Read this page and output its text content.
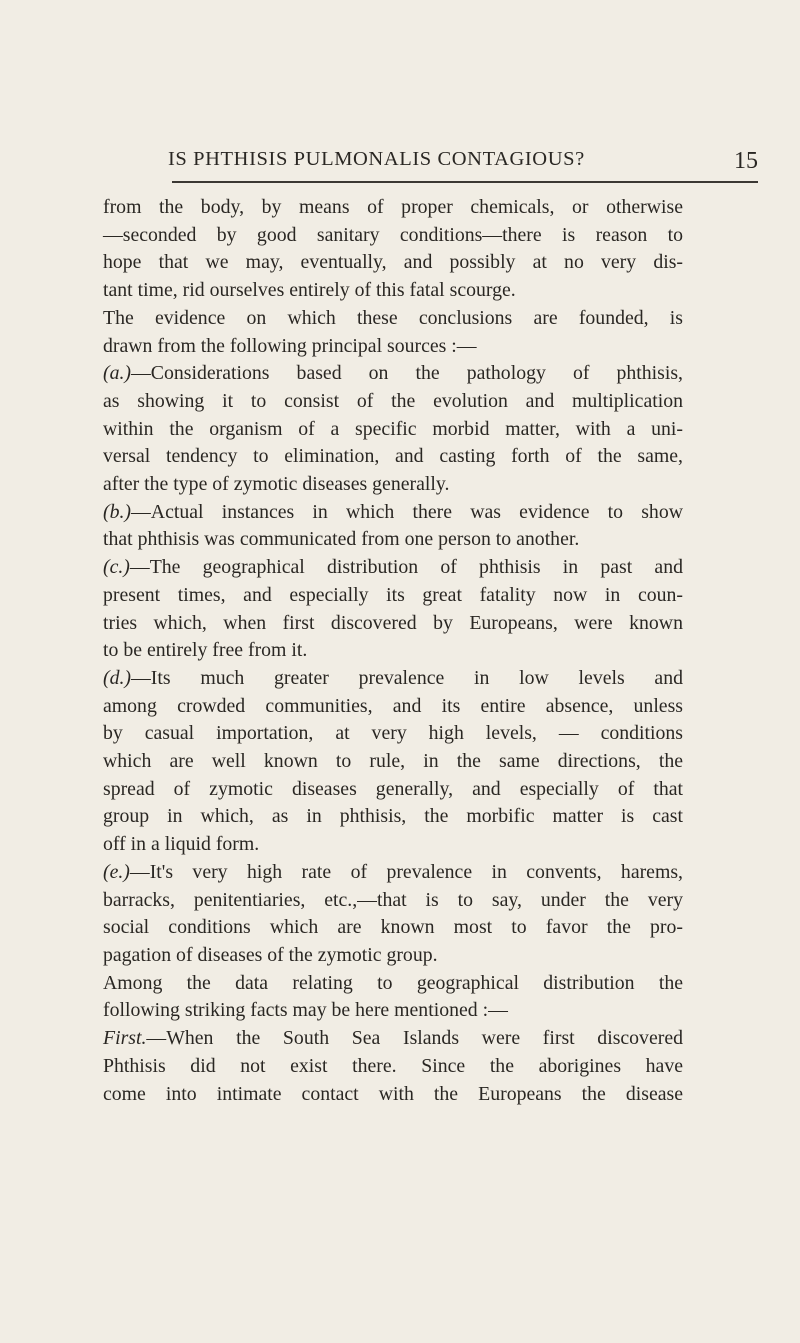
IS PHTHISIS PULMONALIS CONTAGIOUS?	15
from the body, by means of proper chemicals, or otherwise
—seconded by good sanitary conditions—there is reason to
hope that we may, eventually, and possibly at no very dis-
tant time, rid ourselves entirely of this fatal scourge.
The evidence on which these conclusions are founded, is
drawn from the following principal sources :—
(a.)—Considerations based on the pathology of phthisis,
as showing it to consist of the evolution and multiplication
within the organism of a specific morbid matter, with a uni-
versal tendency to elimination, and casting forth of the same,
after the type of zymotic diseases generally.
(b.)—Actual instances in which there was evidence to show
that phthisis was communicated from one person to another.
(c.)—The geographical distribution of phthisis in past and
present times, and especially its great fatality now in coun-
tries which, when first discovered by Europeans, were known
to be entirely free from it.
(d.)—Its much greater prevalence in low levels and
among crowded communities, and its entire absence, unless
by casual importation, at very high levels, — conditions
which are well known to rule, in the same directions, the
spread of zymotic diseases generally, and especially of that
group in which, as in phthisis, the morbific matter is cast
off in a liquid form.
(e.)—It's very high rate of prevalence in convents, harems,
barracks, penitentiaries, etc.,—that is to say, under the very
social conditions which are known most to favor the pro-
pagation of diseases of the zymotic group.
Among the data relating to geographical distribution the
following striking facts may be here mentioned :—
First.—When the South Sea Islands were first discovered
Phthisis did not exist there. Since the aborigines have
come into intimate contact with the Europeans the disease
